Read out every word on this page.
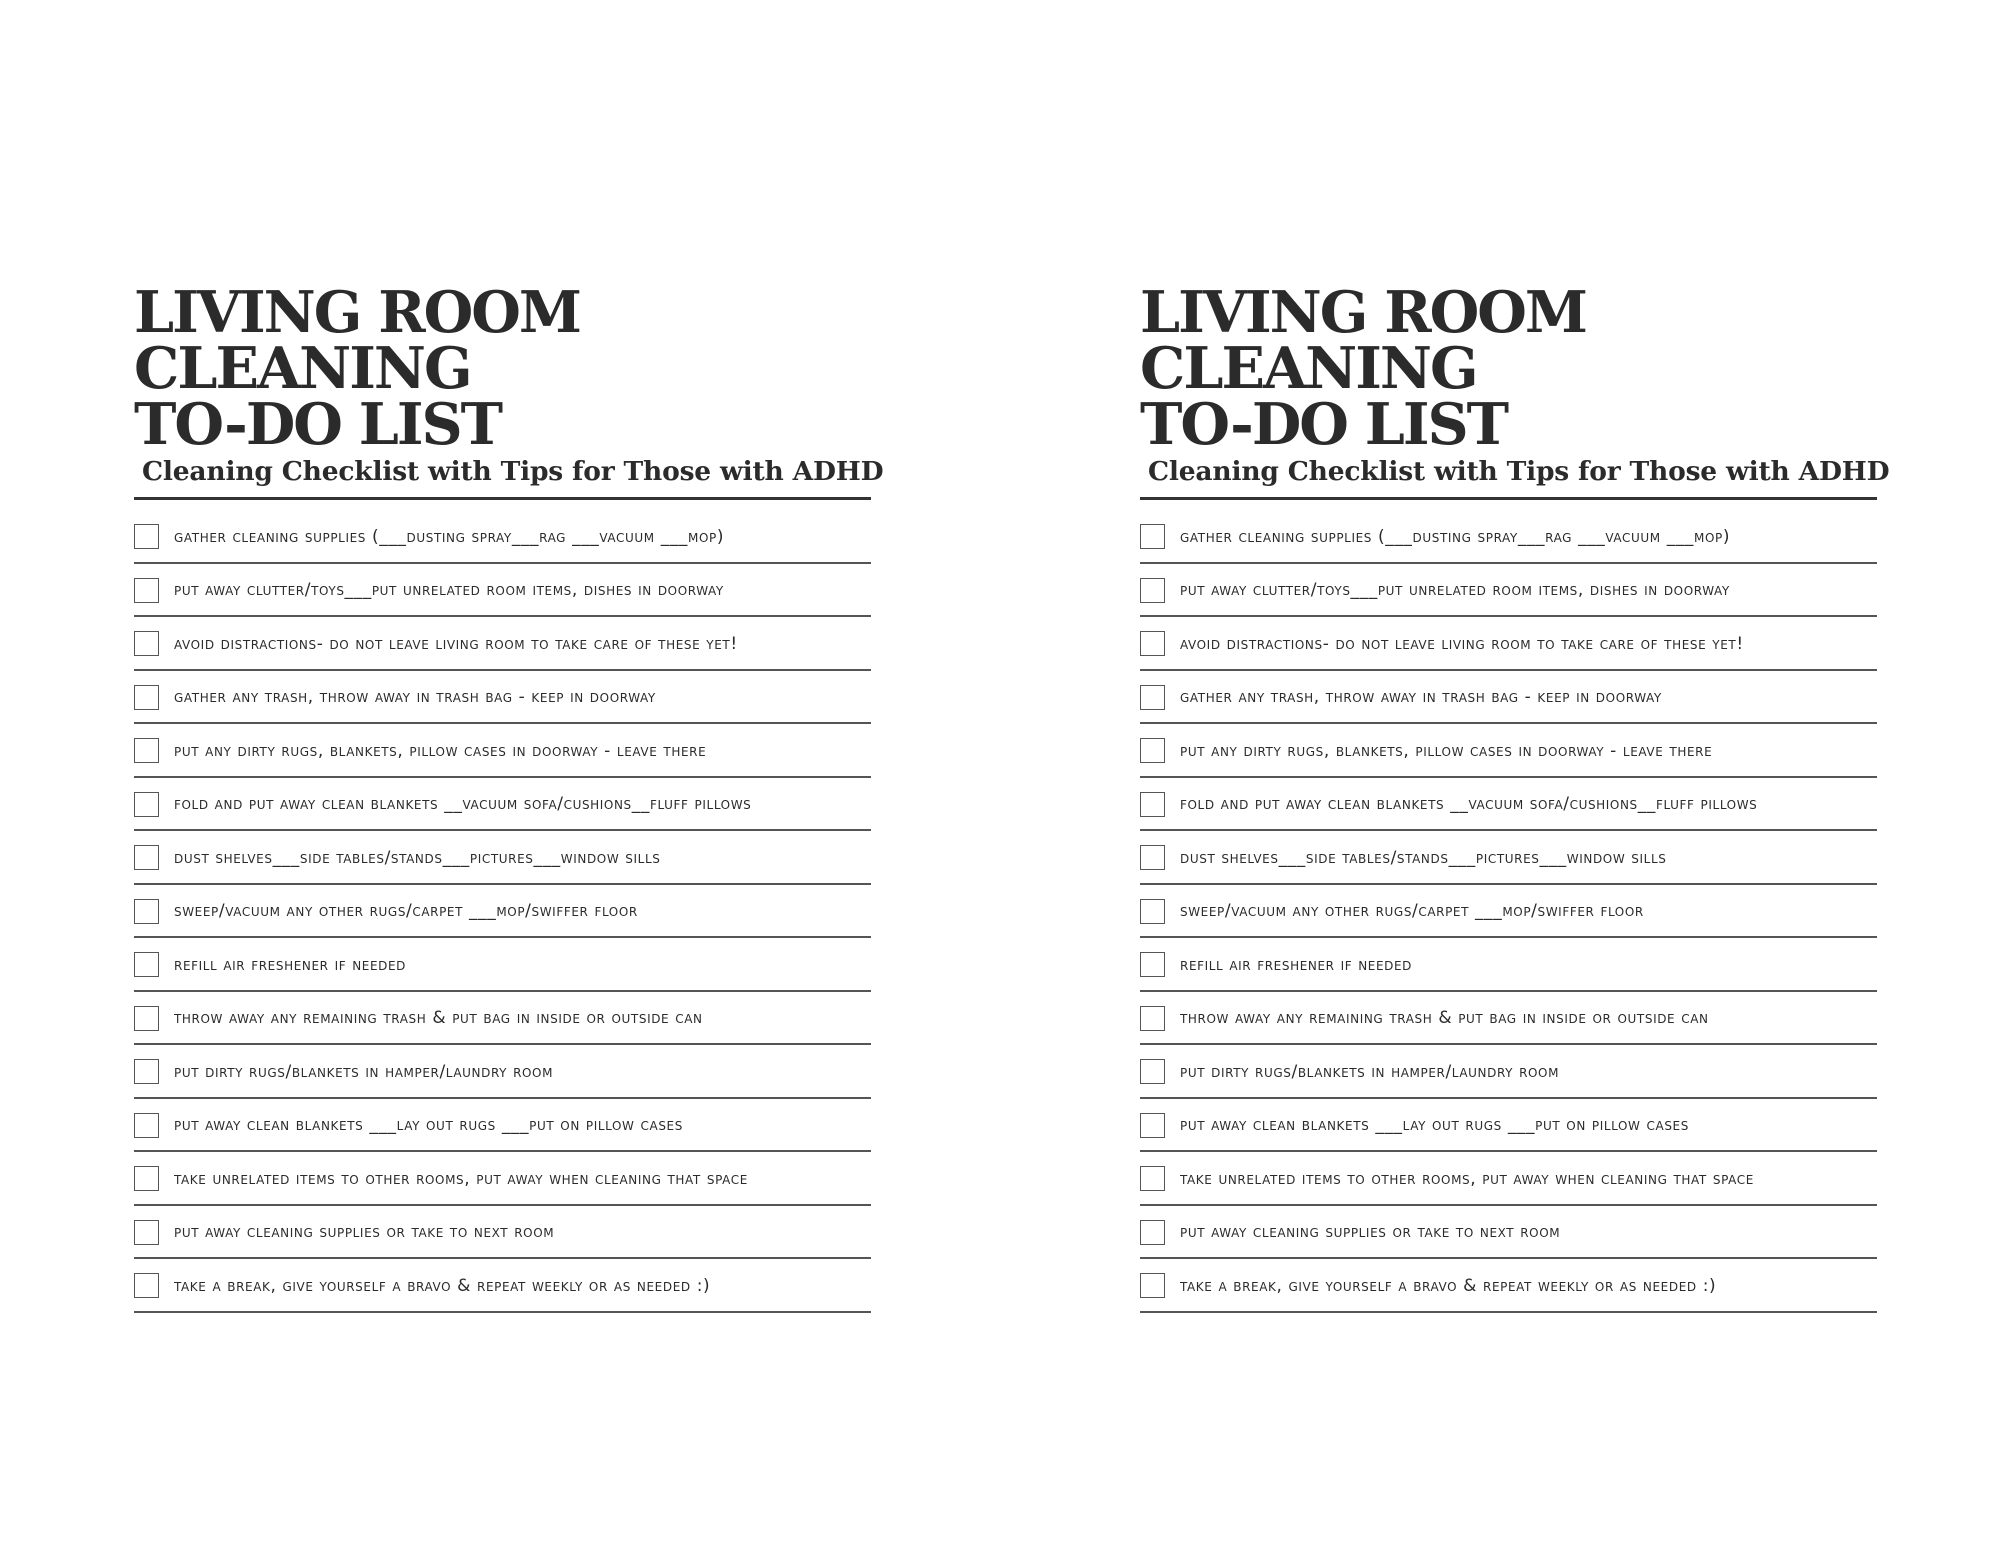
LIVING ROOM
CLEANING
TO-DO LIST
Cleaning Checklist with Tips for Those with ADHD
gather cleaning supplies (___dusting spray___rag ___vacuum ___mop)
put away clutter/toys___put unrelated room items, dishes in doorway
avoid distractions- do not leave living room to take care of these yet!
gather any trash, throw away in trash bag - keep in doorway
put any dirty rugs, blankets, pillow cases in doorway - leave there
fold and put away clean blankets __vacuum sofa/cushions__fluff pillows
dust shelves___side tables/stands___pictures___window sills
sweep/vacuum any other rugs/carpet ___mop/swiffer floor
refill air freshener if needed
throw away any remaining trash & put bag in inside or outside can
put dirty rugs/blankets in hamper/laundry room
put away clean blankets ___lay out rugs ___put on pillow cases
take unrelated items to other rooms, put away when cleaning that space
put away cleaning supplies or take to next room
take a break, give yourself a bravo & repeat weekly or as needed :)
LIVING ROOM
CLEANING
TO-DO LIST
Cleaning Checklist with Tips for Those with ADHD
gather cleaning supplies (___dusting spray___rag ___vacuum ___mop)
put away clutter/toys___put unrelated room items, dishes in doorway
avoid distractions- do not leave living room to take care of these yet!
gather any trash, throw away in trash bag - keep in doorway
put any dirty rugs, blankets, pillow cases in doorway - leave there
fold and put away clean blankets __vacuum sofa/cushions__fluff pillows
dust shelves___side tables/stands___pictures___window sills
sweep/vacuum any other rugs/carpet ___mop/swiffer floor
refill air freshener if needed
throw away any remaining trash & put bag in inside or outside can
put dirty rugs/blankets in hamper/laundry room
put away clean blankets ___lay out rugs ___put on pillow cases
take unrelated items to other rooms, put away when cleaning that space
put away cleaning supplies or take to next room
take a break, give yourself a bravo & repeat weekly or as needed :)
